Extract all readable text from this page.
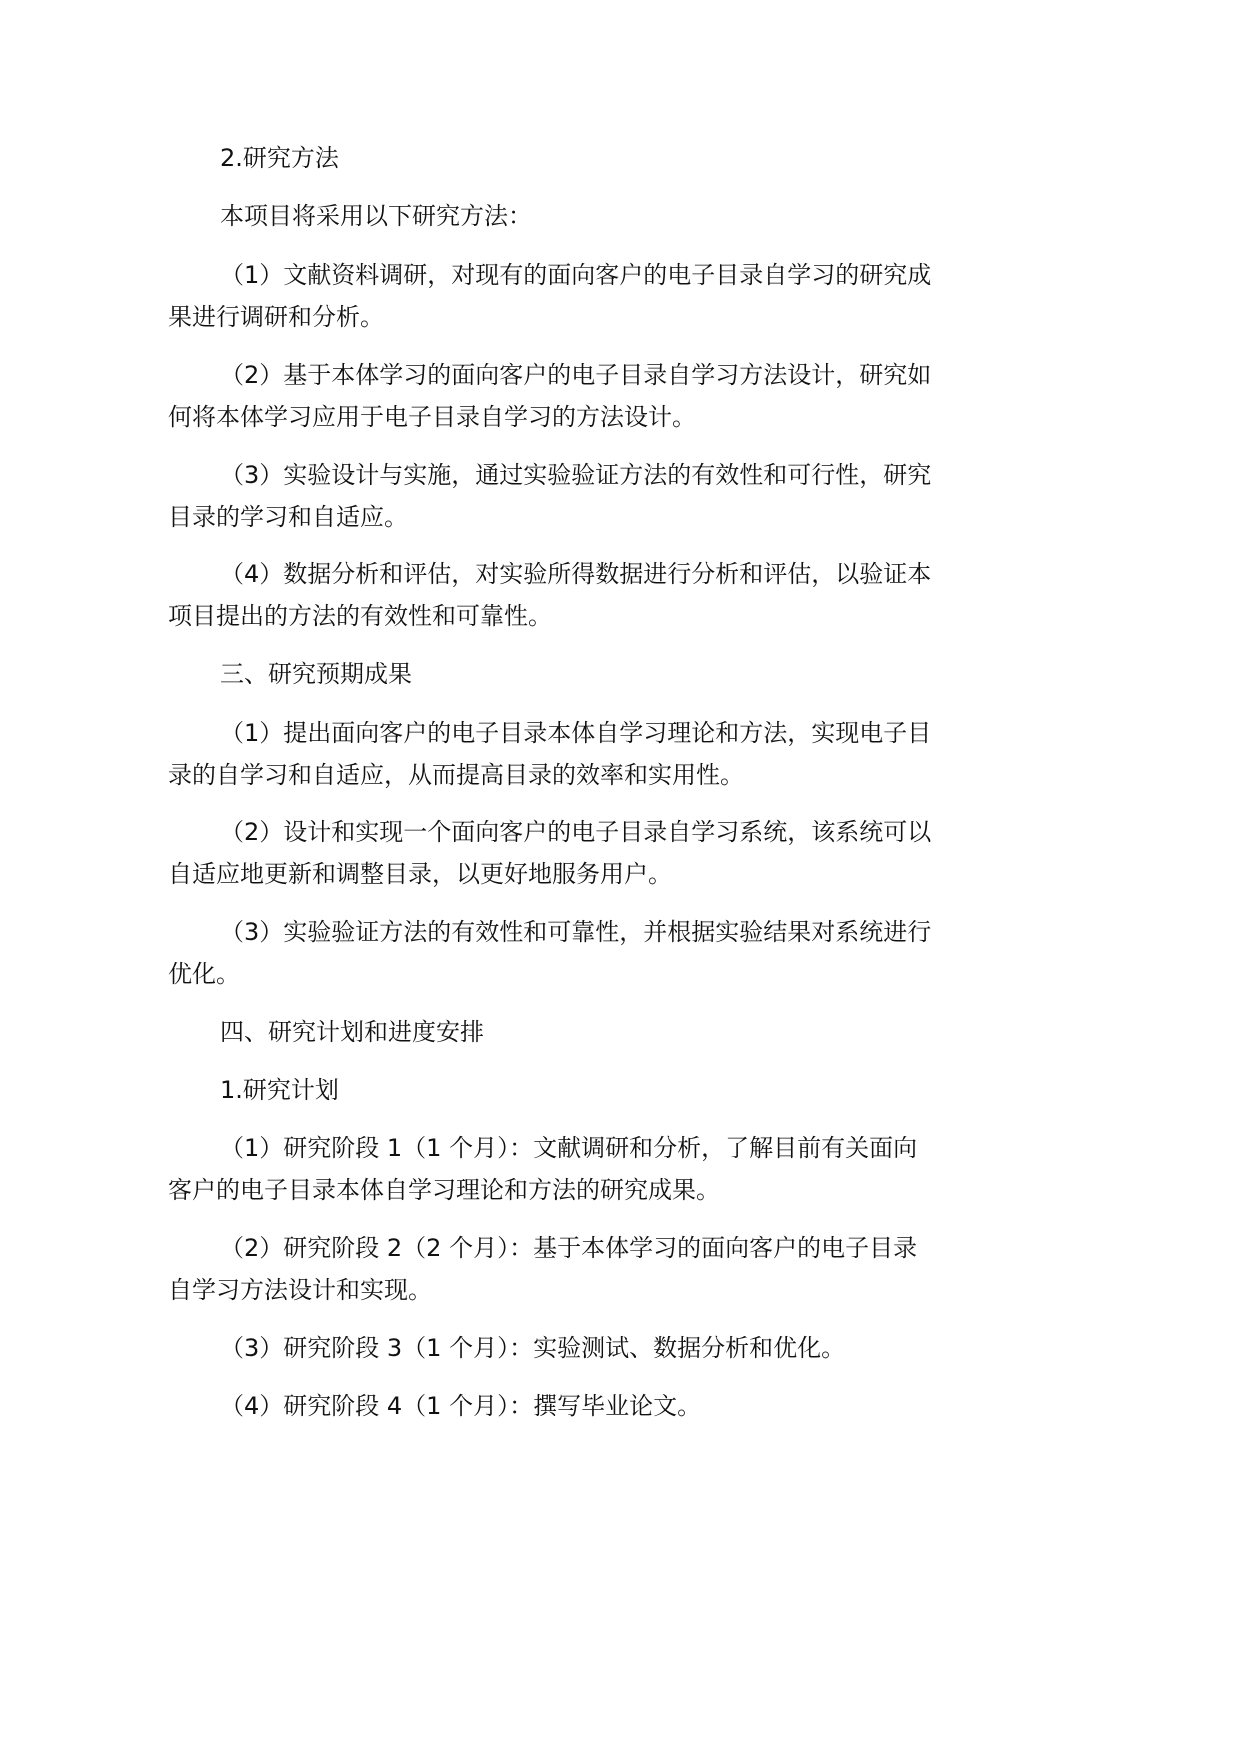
2.研究方法
本项目将采用以下研究方法：
（1）文献资料调研，对现有的面向客户的电子目录自学习的研究成
果进行调研和分析。
（2）基于本体学习的面向客户的电子目录自学习方法设计，研究如
何将本体学习应用于电子目录自学习的方法设计。
（3）实验设计与实施，通过实验验证方法的有效性和可行性，研究
目录的学习和自适应。
（4）数据分析和评估，对实验所得数据进行分析和评估，以验证本
项目提出的方法的有效性和可靠性。
三、研究预期成果
（1）提出面向客户的电子目录本体自学习理论和方法，实现电子目
录的自学习和自适应，从而提高目录的效率和实用性。
（2）设计和实现一个面向客户的电子目录自学习系统，该系统可以
自适应地更新和调整目录，以更好地服务用户。
（3）实验验证方法的有效性和可靠性，并根据实验结果对系统进行
优化。
四、研究计划和进度安排
1.研究计划
（1）研究阶段 1（1 个月）：文献调研和分析，了解目前有关面向
客户的电子目录本体自学习理论和方法的研究成果。
（2）研究阶段 2（2 个月）：基于本体学习的面向客户的电子目录
自学习方法设计和实现。
（3）研究阶段 3（1 个月）：实验测试、数据分析和优化。
（4）研究阶段 4（1 个月）：撰写毕业论文。
